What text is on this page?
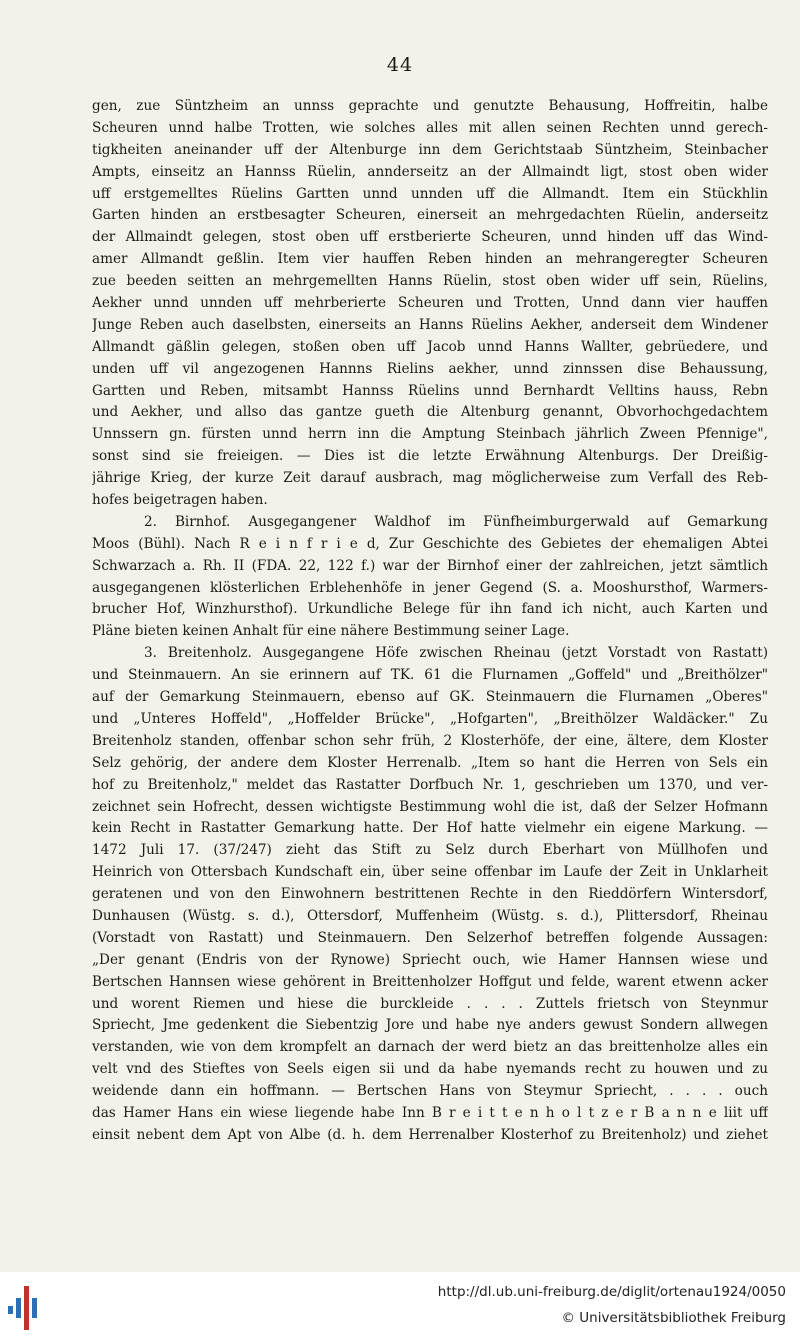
44
gen, zue Süntzheim an unnss geprachte und genutzte Behausung, Hoffreitin, halbe
Scheuren unnd halbe Trotten, wie solches alles mit allen seinen Rechten unnd gerech-
tigkheiten aneinander uff der Altenburge inn dem Gerichtstaab Süntzheim, Steinbacher
Ampts, einseitz an Hannss Rüelin, annderseitz an der Allmaindt ligt, stost oben wider
uff erstgemelltes Rüelins Gartten unnd unnden uff die Allmandt. Item ein Stückhlin
Garten hinden an erstbesagter Scheuren, einerseit an mehrgedachten Rüelin, anderseitz
der Allmaindt gelegen, stost oben uff erstberierte Scheuren, unnd hinden uff das Wind-
amer Allmandt geßlin. Item vier hauffen Reben hinden an mehrangeregter Scheuren
zue beeden seitten an mehrgemellten Hanns Rüelin, stost oben wider uff sein, Rüelins,
Aekher unnd unnden uff mehrberierte Scheuren und Trotten, Unnd dann vier hauffen
Junge Reben auch daselbsten, einerseits an Hanns Rüelins Aekher, anderseit dem Windener
Allmandt gäßlin gelegen, stoßen oben uff Jacob unnd Hanns Wallter, gebrüedere, und
unden uff vil angezogenen Hannns Rielins aekher, unnd zinnssen dise Behaussung,
Gartten und Reben, mitsambt Hannss Rüelins unnd Bernhardt Velltins hauss, Rebn
und Aekher, und allso das gantze gueth die Altenburg genannt, Obvorhochgedachtem
Unnssern gn. fürsten unnd herrn inn die Amptung Steinbach jährlich Zween Pfennige",
sonst sind sie freieigen. — Dies ist die letzte Erwähnung Altenburgs. Der Dreißig-
jährige Krieg, der kurze Zeit darauf ausbrach, mag möglicherweise zum Verfall des Reb-
hofes beigetragen haben.
2. Birnhof. Ausgegangener Waldhof im Fünfheimburgerwald auf Gemarkung
Moos (Bühl). Nach R e i n f r i e d, Zur Geschichte des Gebietes der ehemaligen Abtei
Schwarzach a. Rh. II (FDA. 22, 122 f.) war der Birnhof einer der zahlreichen, jetzt sämtlich
ausgegangenen klösterlichen Erblehenhöfe in jener Gegend (S. a. Mooshursthof, Warmers-
brucher Hof, Winzhursthof). Urkundliche Belege für ihn fand ich nicht, auch Karten und
Pläne bieten keinen Anhalt für eine nähere Bestimmung seiner Lage.
3. Breitenholz. Ausgegangene Höfe zwischen Rheinau (jetzt Vorstadt von Rastatt)
und Steinmauern. An sie erinnern auf TK. 61 die Flurnamen „Goffeld" und „Breithölzer"
auf der Gemarkung Steinmauern, ebenso auf GK. Steinmauern die Flurnamen „Oberes"
und „Unteres Hoffeld", „Hoffelder Brücke", „Hofgarten", „Breithölzer Waldäcker." Zu
Breitenholz standen, offenbar schon sehr früh, 2 Klosterhöfe, der eine, ältere, dem Kloster
Selz gehörig, der andere dem Kloster Herrenalb. „Item so hant die Herren von Sels ein
hof zu Breitenholz," meldet das Rastatter Dorfbuch Nr. 1, geschrieben um 1370, und ver-
zeichnet sein Hofrecht, dessen wichtigste Bestimmung wohl die ist, daß der Selzer Hofmann
kein Recht in Rastatter Gemarkung hatte. Der Hof hatte vielmehr ein eigene Markung. —
1472 Juli 17. (37/247) zieht das Stift zu Selz durch Eberhart von Müllhofen und
Heinrich von Ottersbach Kundschaft ein, über seine offenbar im Laufe der Zeit in Unklarheit
geratenen und von den Einwohnern bestrittenen Rechte in den Rieddörfern Wintersdorf,
Dunhausen (Wüstg. s. d.), Ottersdorf, Muffenheim (Wüstg. s. d.), Plittersdorf, Rheinau
(Vorstadt von Rastatt) und Steinmauern. Den Selzerhof betreffen folgende Aussagen:
„Der genant (Endris von der Rynowe) Spriecht ouch, wie Hamer Hannsen wiese und
Bertschen Hannsen wiese gehörent in Breittenholzer Hoffgut und felde, warent etwenn acker
und worent Riemen und hiese die burckleide . . . . Zuttels frietsch von Steynmur
Spriecht, Jme gedenkent die Siebentzig Jore und habe nye anders gewust Sondern allwegen
verstanden, wie von dem krompfelt an darnach der werd bietz an das breittenholze alles ein
velt vnd des Stieftes von Seels eigen sii und da habe nyemands recht zu houwen und zu
weidende dann ein hoffmann. — Bertschen Hans von Steymur Spriecht, . . . . ouch
das Hamer Hans ein wiese liegende habe Inn B r e i t t e n h o l t z e r B a n n e liit uff
einsit nebent dem Apt von Albe (d. h. dem Herrenalber Klosterhof zu Breitenholz) und ziehet
http://dl.ub.uni-freiburg.de/diglit/ortenau1924/0050
© Universitätsbibliothek Freiburg
